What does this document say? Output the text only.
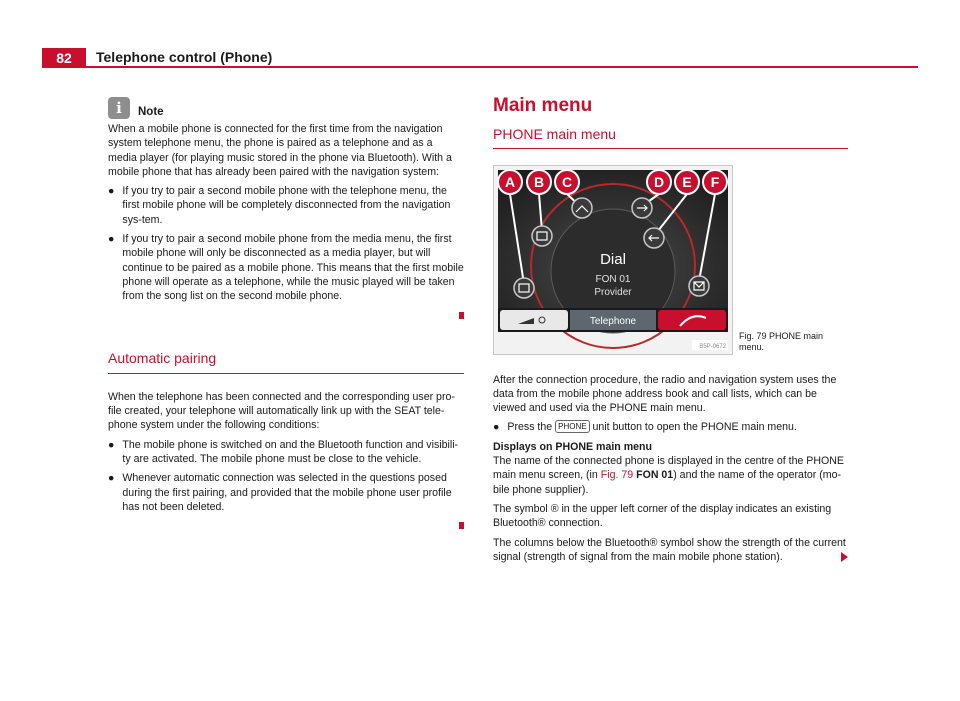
82	Telephone control (Phone)
i	Note

When a mobile phone is connected for the first time from the navigation system telephone menu, the phone is paired as a telephone and as a media player (for playing music stored in the phone via Bluetooth). With a mobile phone that has already been paired with the navigation system:

● If you try to pair a second mobile phone with the telephone menu, the first mobile phone will be completely disconnected from the navigation sys-tem.
● If you try to pair a second mobile phone from the media menu, the first mobile phone will only be disconnected as a media player, but will continue to be paired as a mobile phone. This means that the first mobile phone will operate as a telephone, while the music played will be taken from the song list on the second mobile phone.
Automatic pairing

When the telephone has been connected and the corresponding user pro-file created, your telephone will automatically link up with the SEAT tele-phone system under the following conditions:

● The mobile phone is switched on and the Bluetooth function and visibili-ty are activated. The mobile phone must be close to the vehicle.
● Whenever automatic connection was selected in the questions posed during the first pairing, and provided that the mobile phone user profile has not been deleted.
Main menu
PHONE main menu
A B C	D E F
Dial
FON 01
Provider
Telephone
B5P-0672
Fig. 79 PHONE main menu.

After the connection procedure, the radio and navigation system uses the data from the mobile phone address book and call lists, which can be viewed and used via the PHONE main menu.

● Press the PHONE unit button to open the PHONE main menu.

Displays on PHONE main menu

The name of the connected phone is displayed in the centre of the PHONE main menu screen, (in Fig. 79 FON 01) and the name of the operator (mo-bile phone supplier).

The symbol ® in the upper left corner of the display indicates an existing Bluetooth® connection.

The columns below the Bluetooth® symbol show the strength of the current signal (strength of signal from the main mobile phone station).
